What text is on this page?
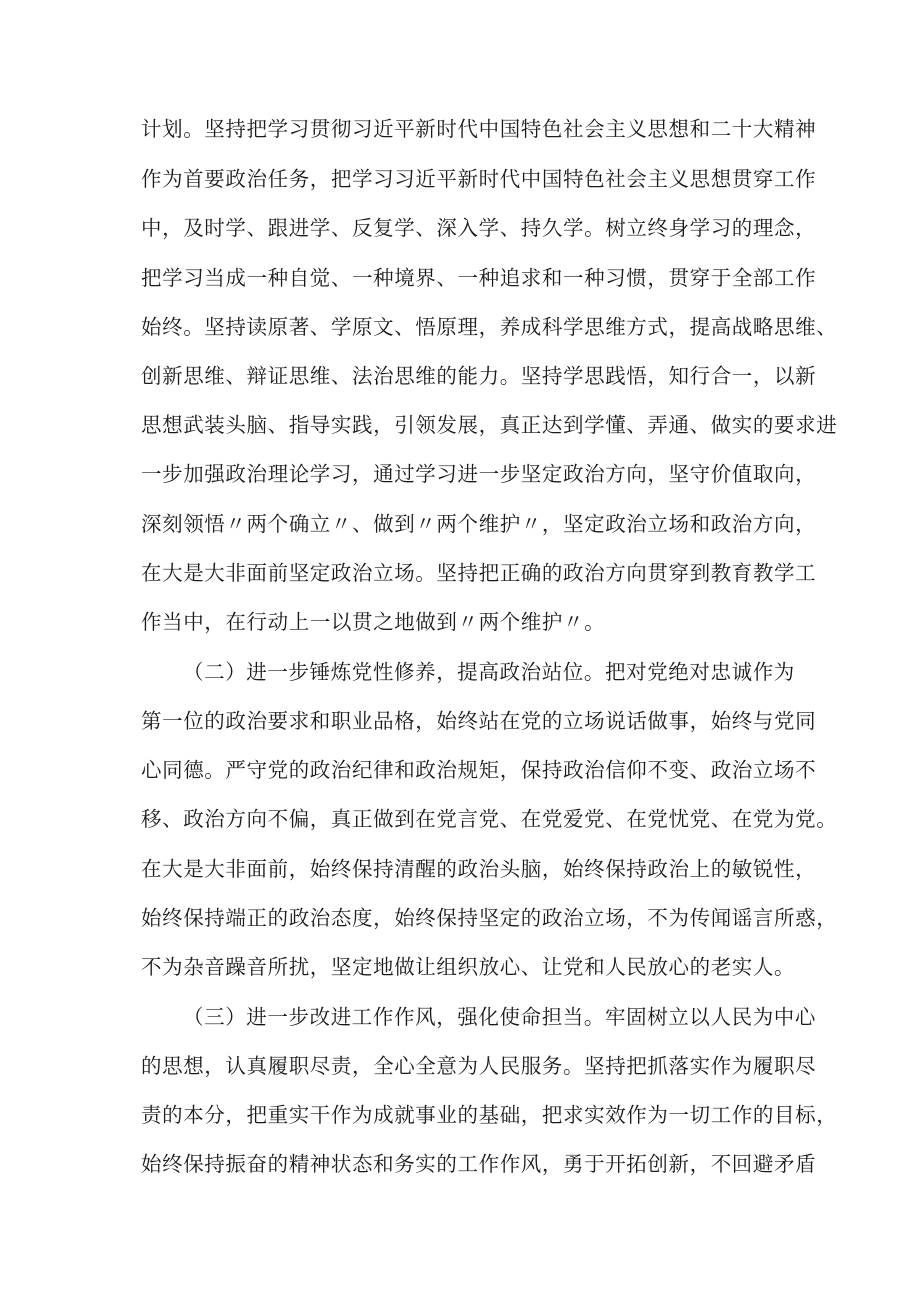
计划。坚持把学习贯彻习近平新时代中国特色社会主义思想和二十大精神
作为首要政治任务，把学习习近平新时代中国特色社会主义思想贯穿工作
中，及时学、跟进学、反复学、深入学、持久学。树立终身学习的理念，
把学习当成一种自觉、一种境界、一种追求和一种习惯，贯穿于全部工作
始终。坚持读原著、学原文、悟原理，养成科学思维方式，提高战略思维、
创新思维、辩证思维、法治思维的能力。坚持学思践悟，知行合一，以新
思想武装头脑、指导实践，引领发展，真正达到学懂、弄通、做实的要求进
一步加强政治理论学习，通过学习进一步坚定政治方向，坚守价值取向，
深刻领悟〃两个确立〃、做到〃两个维护〃，坚定政治立场和政治方向，
在大是大非面前坚定政治立场。坚持把正确的政治方向贯穿到教育教学工
作当中，在行动上一以贯之地做到〃两个维护〃。
（二）进一步锤炼党性修养，提高政治站位。把对党绝对忠诚作为
第一位的政治要求和职业品格，始终站在党的立场说话做事，始终与党同
心同德。严守党的政治纪律和政治规矩，保持政治信仰不变、政治立场不
移、政治方向不偏，真正做到在党言党、在党爱党、在党忧党、在党为党。
在大是大非面前，始终保持清醒的政治头脑，始终保持政治上的敏锐性，
始终保持端正的政治态度，始终保持坚定的政治立场，不为传闻谣言所惑，
不为杂音躁音所扰，坚定地做让组织放心、让党和人民放心的老实人。
（三）进一步改进工作作风，强化使命担当。牢固树立以人民为中心
的思想，认真履职尽责，全心全意为人民服务。坚持把抓落实作为履职尽
责的本分，把重实干作为成就事业的基础，把求实效作为一切工作的目标，
始终保持振奋的精神状态和务实的工作作风，勇于开拓创新，不回避矛盾
